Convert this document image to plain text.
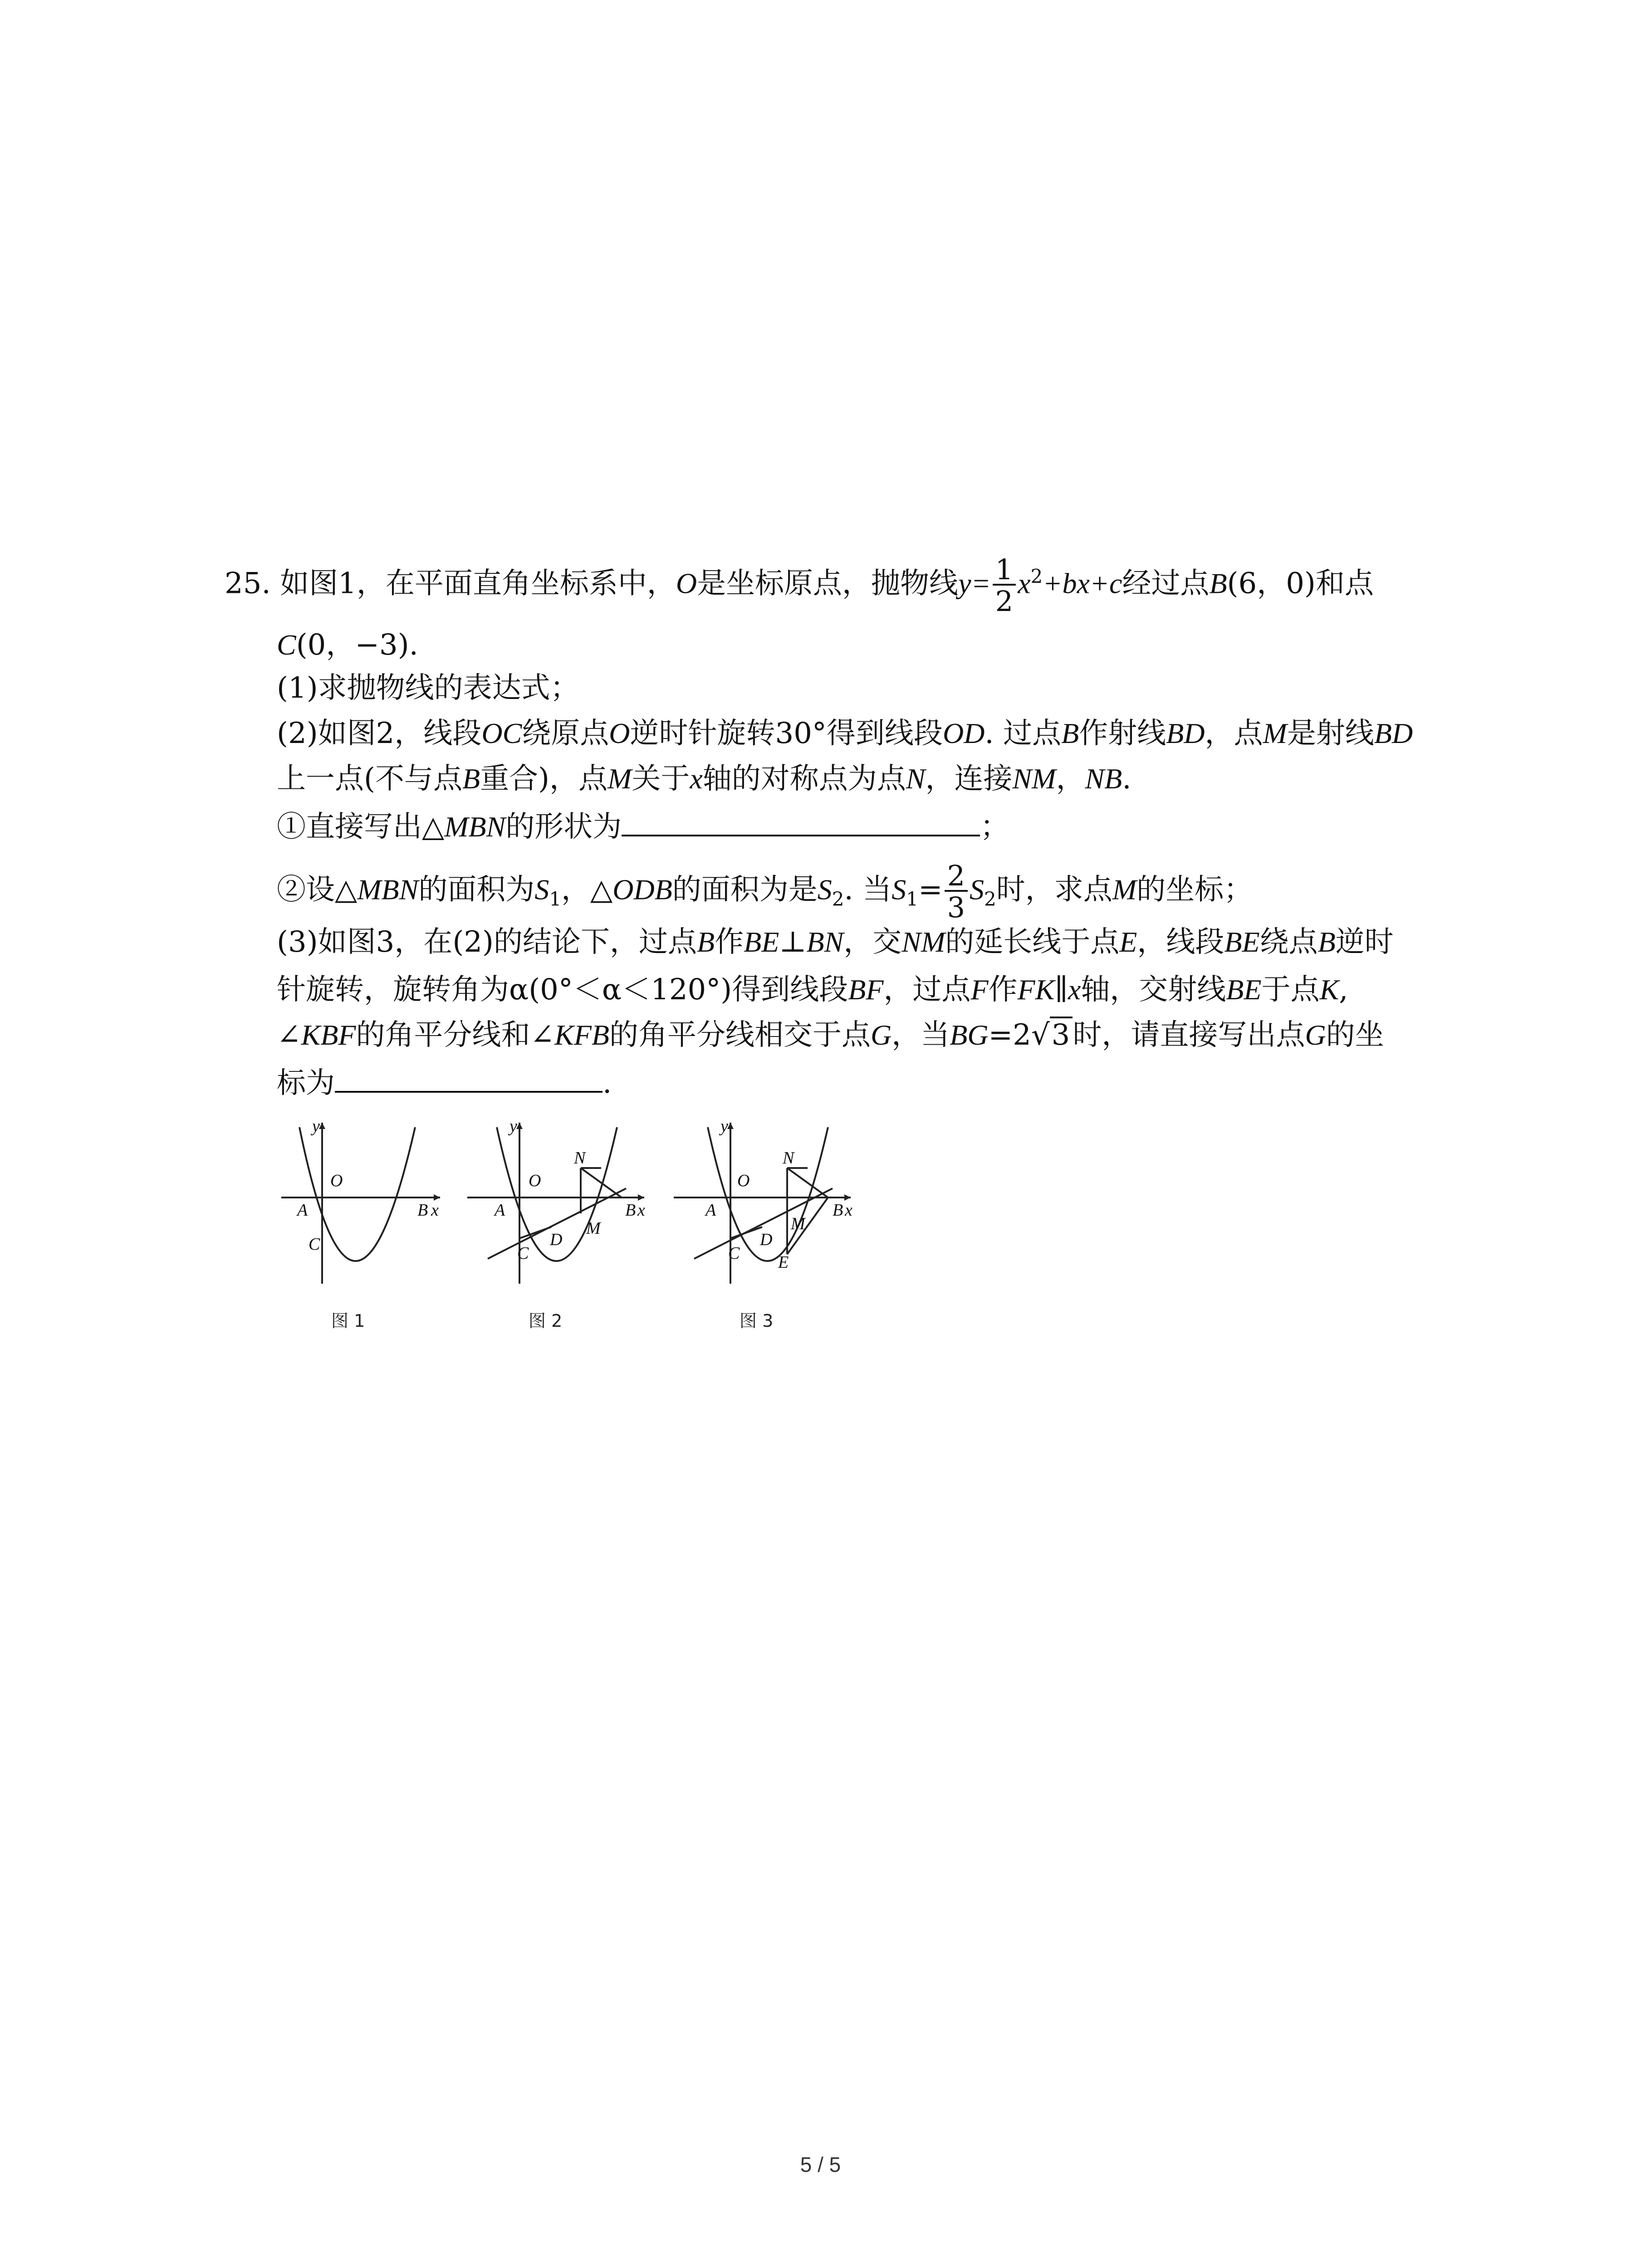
25. 如图1，在平面直角坐标系中，O是坐标原点，抛物线$y= \frac{1}{2} x^2+bx+c$经过点B(6，0)和点
C(0，−3).
(1)求抛物线的表达式；
(2)如图2，线段OC绕原点O逆时针旋转30°得到线段OD. 过点B作射线BD，点M是射线BD
上一点(不与点B重合)，点M关于x轴的对称点为点N，连接NM，NB.
①直接写出△MBN的形状为	；
②设△MBN的面积为$S_1$，△ODB的面积为是$S_2$. 当$S_1= \frac{2}{3} S_2$时，求点M的坐标；
(3)如图3，在(2)的结论下，过点B作BE⊥BN，交NM的延长线于点E，线段BE绕点B逆时
针旋转，旋转角为α(0°＜α＜120°)得到线段BF，过点F作FK∥x轴，交射线BE于点K,
∠KBF的角平分线和∠KFB的角平分线相交于点G，当BG=2√3时，请直接写出点G的坐
标为	.
y
O
A	B x
C
y
O
N
A	B x
D
M
C
y
O
N
A
M
B x
D
C E
图 1	图 2	图 3
5 / 5
